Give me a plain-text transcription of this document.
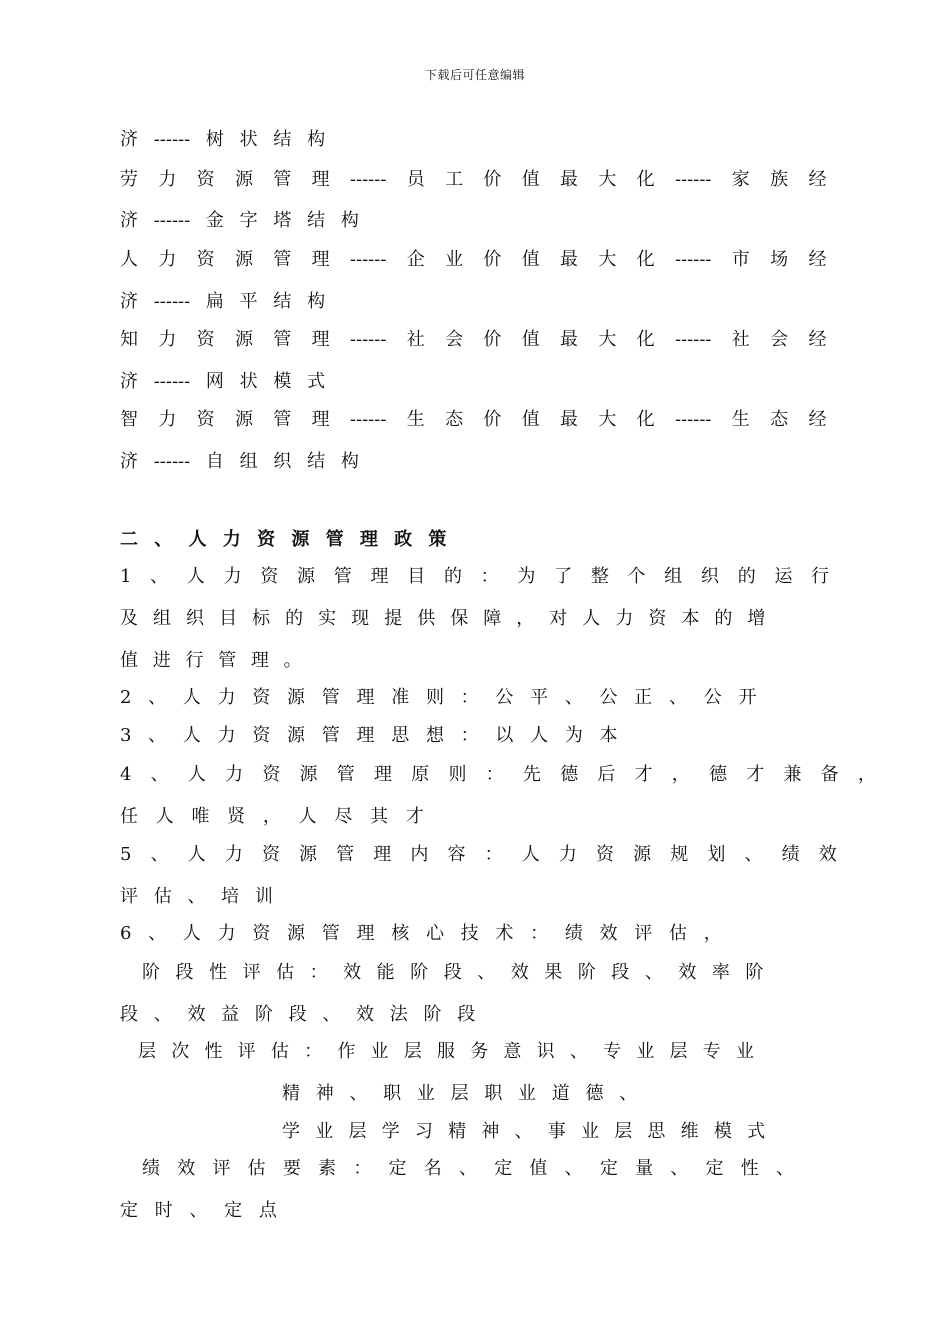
下载后可任意编辑
济 ------ 树 状 结 构
劳 力 资 源 管 理 ------ 员 工 价 值 最 大 化 ------ 家 族 经
济 ------ 金 字 塔 结 构
人 力 资 源 管 理 ------ 企 业 价 值 最 大 化 ------ 市 场 经
济 ------ 扁 平 结 构
知 力 资 源 管 理 ------ 社 会 价 值 最 大 化 ------ 社 会 经
济 ------ 网 状 模 式
智 力 资 源 管 理 ------ 生 态 价 值 最 大 化 ------ 生 态 经
济 ------ 自 组 织 结 构
二 、 人 力 资 源 管 理 政 策
1 、 人 力 资 源 管 理 目 的 ： 为 了 整 个 组 织 的 运 行
及 组 织 目 标 的 实 现 提 供 保 障 ， 对 人 力 资 本 的 增
值 进 行 管 理 。
2 、 人 力 资 源 管 理 准 则 ： 公 平 、 公 正 、 公 开
3 、 人 力 资 源 管 理 思 想 ： 以 人 为 本
4 、 人 力 资 源 管 理 原 则 ： 先 德 后 才 ， 德 才 兼 备 ，
任 人 唯 贤 ， 人 尽 其 才
5 、 人 力 资 源 管 理 内 容 ： 人 力 资 源 规 划 、 绩 效
评 估 、 培 训
6 、 人 力 资 源 管 理 核 心 技 术 ： 绩 效 评 估 ，
阶 段 性 评 估 ： 效 能 阶 段 、 效 果 阶 段 、 效 率 阶
段 、 效 益 阶 段 、 效 法 阶 段
层 次 性 评 估 ： 作 业 层 服 务 意 识 、 专 业 层 专 业
精 神 、 职 业 层 职 业 道 德 、
学 业 层 学 习 精 神 、 事 业 层 思 维 模 式
绩 效 评 估 要 素 ： 定 名 、 定 值 、 定 量 、 定 性 、
定 时 、 定 点
